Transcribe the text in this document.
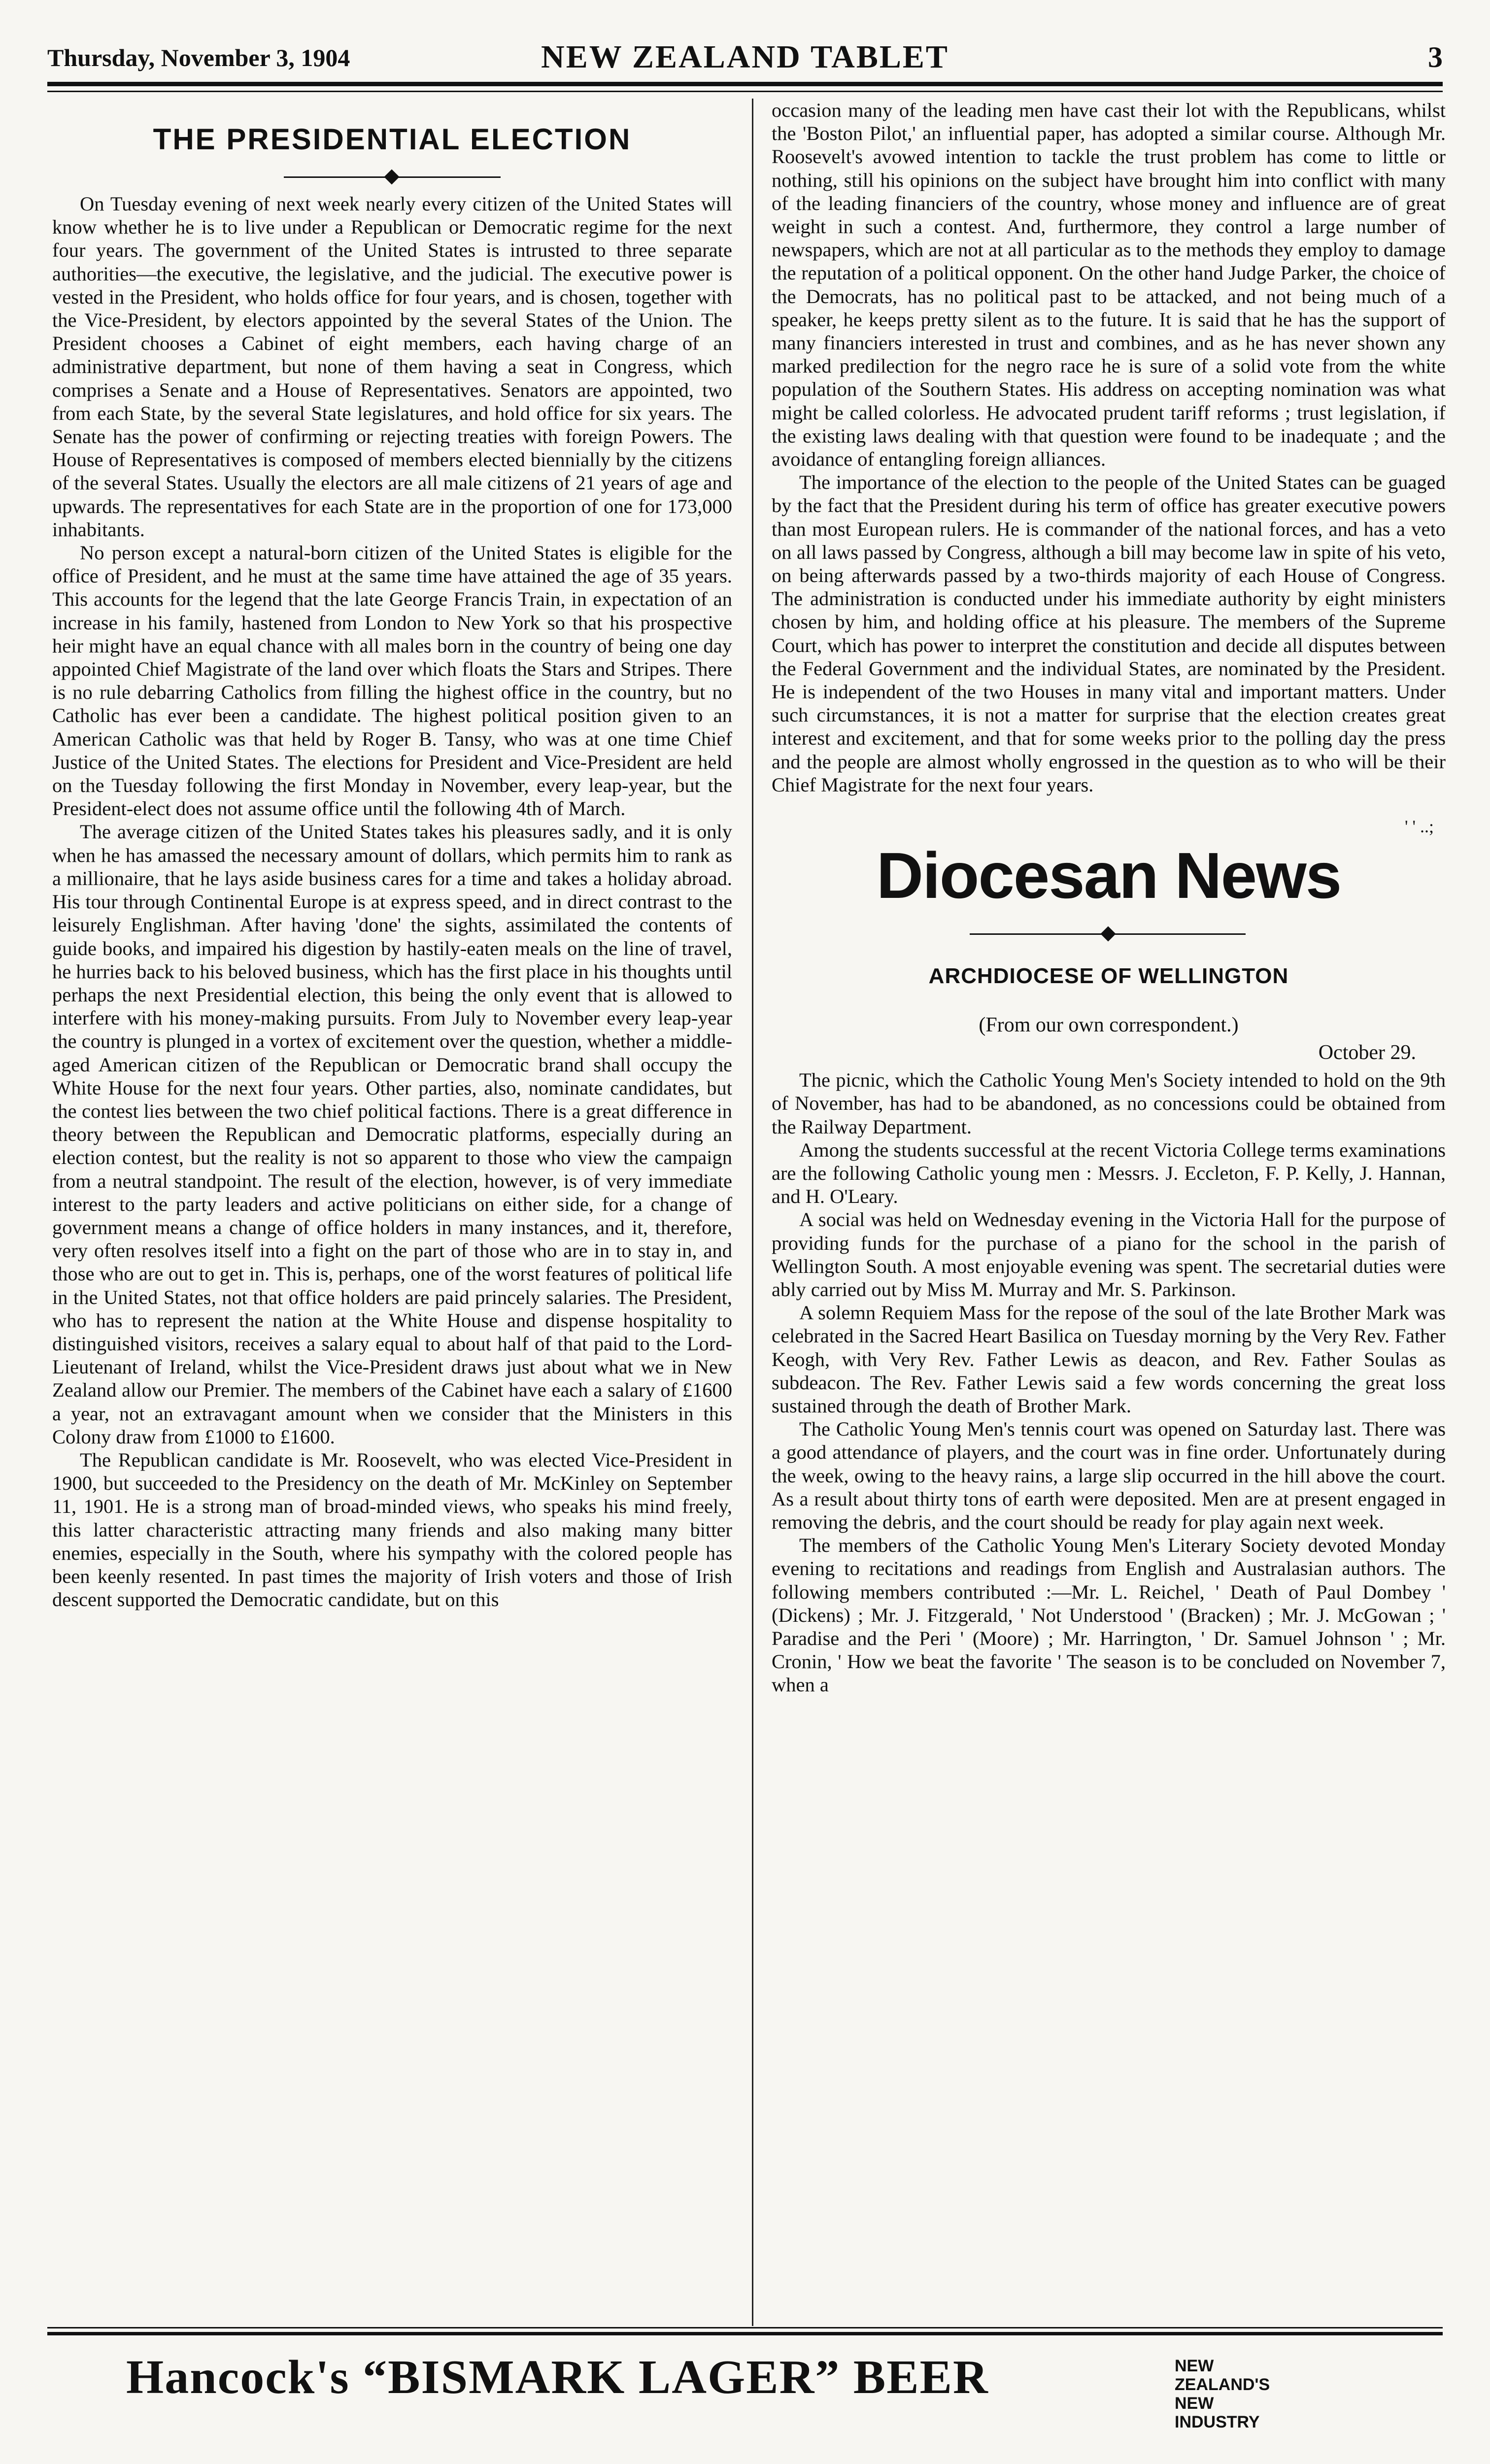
Thursday, November 3, 1904	NEW ZEALAND TABLET	3
THE PRESIDENTIAL ELECTION

On Tuesday evening of next week nearly every citizen of the United States will know whether he is to live under a Republican or Democratic regime for the next four years. The government of the United States is intrusted to three separate authorities—the executive, the legislative, and the judicial. The executive power is vested in the President, who holds office for four years, and is chosen, together with the Vice-President, by electors appointed by the several States of the Union. The President chooses a Cabinet of eight members, each having charge of an administrative department, but none of them having a seat in Congress, which comprises a Senate and a House of Representatives. Senators are appointed, two from each State, by the several State legislatures, and hold office for six years. The Senate has the power of confirming or rejecting treaties with foreign Powers. The House of Representatives is composed of members elected biennially by the citizens of the several States. Usually the electors are all male citizens of 21 years of age and upwards. The representatives for each State are in the proportion of one for 173,000 inhabitants.

No person except a natural-born citizen of the United States is eligible for the office of President, and he must at the same time have attained the age of 35 years. This accounts for the legend that the late George Francis Train, in expectation of an increase in his family, hastened from London to New York so that his prospective heir might have an equal chance with all males born in the country of being one day appointed Chief Magistrate of the land over which floats the Stars and Stripes. There is no rule debarring Catholics from filling the highest office in the country, but no Catholic has ever been a candidate. The highest political position given to an American Catholic was that held by Roger B. Tansy, who was at one time Chief Justice of the United States. The elections for President and Vice-President are held on the Tuesday following the first Monday in November, every leap-year, but the President-elect does not assume office until the following 4th of March.

The average citizen of the United States takes his pleasures sadly, and it is only when he has amassed the necessary amount of dollars, which permits him to rank as a millionaire, that he lays aside business cares for a time and takes a holiday abroad. His tour through Continental Europe is at express speed, and in direct contrast to the leisurely Englishman. After having 'done' the sights, assimilated the contents of guide books, and impaired his digestion by hastily-eaten meals on the line of travel, he hurries back to his beloved business, which has the first place in his thoughts until perhaps the next Presidential election, this being the only event that is allowed to interfere with his money-making pursuits. From July to November every leap-year the country is plunged in a vortex of excitement over the question, whether a middle-aged American citizen of the Republican or Democratic brand shall occupy the White House for the next four years. Other parties, also, nominate candidates, but the contest lies between the two chief political factions. There is a great difference in theory between the Republican and Democratic platforms, especially during an election contest, but the reality is not so apparent to those who view the campaign from a neutral standpoint. The result of the election, however, is of very immediate interest to the party leaders and active politicians on either side, for a change of government means a change of office holders in many instances, and it, therefore, very often resolves itself into a fight on the part of those who are in to stay in, and those who are out to get in. This is, perhaps, one of the worst features of political life in the United States, not that office holders are paid princely salaries. The President, who has to represent the nation at the White House and dispense hospitality to distinguished visitors, receives a salary equal to about half of that paid to the Lord-Lieutenant of Ireland, whilst the Vice-President draws just about what we in New Zealand allow our Premier. The members of the Cabinet have each a salary of £1600 a year, not an extravagant amount when we consider that the Ministers in this Colony draw from £1000 to £1600.

The Republican candidate is Mr. Roosevelt, who was elected Vice-President in 1900, but succeeded to the Presidency on the death of Mr. McKinley on September 11, 1901. He is a strong man of broad-minded views, who speaks his mind freely, this latter characteristic attracting many friends and also making many bitter enemies, especially in the South, where his sympathy with the colored people has been keenly resented. In past times the majority of Irish voters and those of Irish descent supported the Democratic candidate, but on this

occasion many of the leading men have cast their lot with the Republicans, whilst the 'Boston Pilot,' an influential paper, has adopted a similar course. Although Mr. Roosevelt's avowed intention to tackle the trust problem has come to little or nothing, still his opinions on the subject have brought him into conflict with many of the leading financiers of the country, whose money and influence are of great weight in such a contest. And, furthermore, they control a large number of newspapers, which are not at all particular as to the methods they employ to damage the reputation of a political opponent. On the other hand Judge Parker, the choice of the Democrats, has no political past to be attacked, and not being much of a speaker, he keeps pretty silent as to the future. It is said that he has the support of many financiers interested in trust and combines, and as he has never shown any marked predilection for the negro race he is sure of a solid vote from the white population of the Southern States. His address on accepting nomination was what might be called colorless. He advocated prudent tariff reforms ; trust legislation, if the existing laws dealing with that question were found to be inadequate ; and the avoidance of entangling foreign alliances.

The importance of the election to the people of the United States can be guaged by the fact that the President during his term of office has greater executive powers than most European rulers. He is commander of the national forces, and has a veto on all laws passed by Congress, although a bill may become law in spite of his veto, on being afterwards passed by a two-thirds majority of each House of Congress. The administration is conducted under his immediate authority by eight ministers chosen by him, and holding office at his pleasure. The members of the Supreme Court, which has power to interpret the constitution and decide all disputes between the Federal Government and the individual States, are nominated by the President. He is independent of the two Houses in many vital and important matters. Under such circumstances, it is not a matter for surprise that the election creates great interest and excitement, and that for some weeks prior to the polling day the press and the people are almost wholly engrossed in the question as to who will be their Chief Magistrate for the next four years.

' ' ..;
Diocesan News
ARCHDIOCESE OF WELLINGTON
(From our own correspondent.)
October 29.

The picnic, which the Catholic Young Men's Society intended to hold on the 9th of November, has had to be abandoned, as no concessions could be obtained from the Railway Department.

Among the students successful at the recent Victoria College terms examinations are the following Catholic young men : Messrs. J. Eccleton, F. P. Kelly, J. Hannan, and H. O'Leary.

A social was held on Wednesday evening in the Victoria Hall for the purpose of providing funds for the purchase of a piano for the school in the parish of Wellington South. A most enjoyable evening was spent. The secretarial duties were ably carried out by Miss M. Murray and Mr. S. Parkinson.

A solemn Requiem Mass for the repose of the soul of the late Brother Mark was celebrated in the Sacred Heart Basilica on Tuesday morning by the Very Rev. Father Keogh, with Very Rev. Father Lewis as deacon, and Rev. Father Soulas as subdeacon. The Rev. Father Lewis said a few words concerning the great loss sustained through the death of Brother Mark.

The Catholic Young Men's tennis court was opened on Saturday last. There was a good attendance of players, and the court was in fine order. Unfortunately during the week, owing to the heavy rains, a large slip occurred in the hill above the court. As a result about thirty tons of earth were deposited. Men are at present engaged in removing the debris, and the court should be ready for play again next week.

The members of the Catholic Young Men's Literary Society devoted Monday evening to recitations and readings from English and Australasian authors. The following members contributed :—Mr. L. Reichel, ' Death of Paul Dombey ' (Dickens) ; Mr. J. Fitzgerald, ' Not Understood ' (Bracken) ; Mr. J. McGowan ; ' Paradise and the Peri ' (Moore) ; Mr. Harrington, ' Dr. Samuel Johnson ' ; Mr. Cronin, ' How we beat the favorite ' The season is to be concluded on November 7, when a

Hancock's “BISMARK LAGER” BEER	NEW ZEALAND'S
NEW INDUSTRY
